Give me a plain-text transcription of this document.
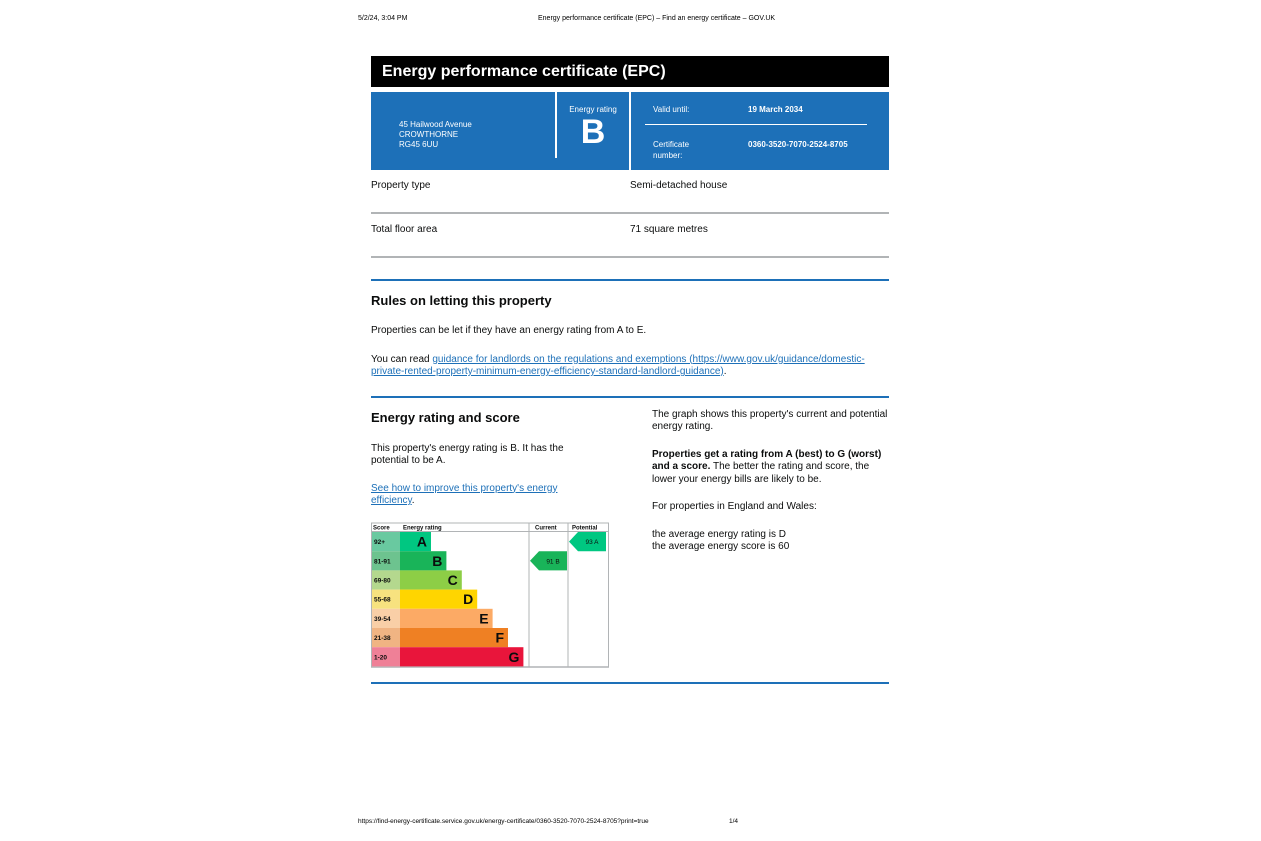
5/2/24, 3:04 PM	Energy performance certificate (EPC) – Find an energy certificate – GOV.UK
Energy performance certificate (EPC)
45 Hailwood Avenue
CROWTHORNE
RG45 6UU
Energy rating
B
Valid until:	19 March 2034
Certificate number:
0360-3520-7070-2524-8705
Property type	Semi-detached house
Total floor area	71 square metres
Rules on letting this property

Properties can be let if they have an energy rating from A to E.

You can read guidance for landlords on the regulations and exemptions (https://www.gov.uk/guidance/domestic-private-rented-property-minimum-energy-efficiency-standard-landlord-guidance).

Energy rating and score

This property's energy rating is B. It has the potential to be A.

See how to improve this property's energy efficiency.

The graph shows this property's current and potential energy rating.

Properties get a rating from A (best) to G (worst) and a score. The better the rating and score, the lower your energy bills are likely to be.

For properties in England and Wales:

the average energy rating is D

the average energy score is 60

Score Energy rating	Current	Potential
92+ A
81-91	B
69-80	C
55-68	D
39-54	E
21-38	F
1-20	G
91 B
93 A
https://find-energy-certificate.service.gov.uk/energy-certificate/0360-3520-7070-2524-8705?print=true	1/4
